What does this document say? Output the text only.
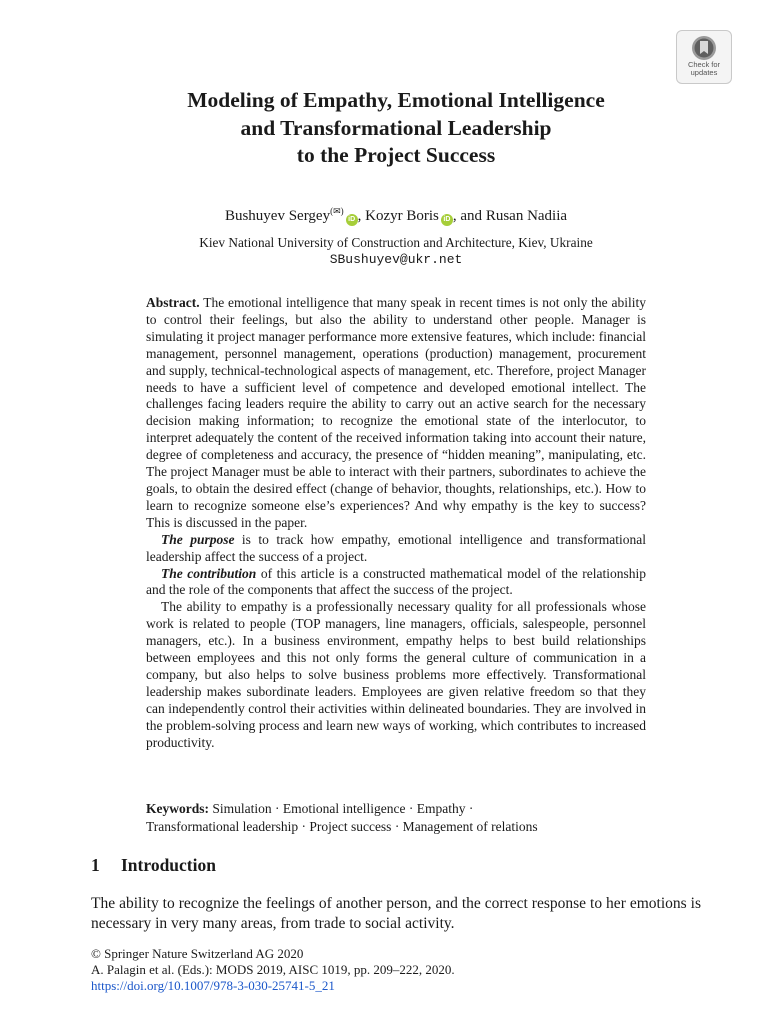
Check for
updates
Modeling of Empathy, Emotional Intelligence
and Transformational Leadership
to the Project Success
Bushuyev Sergey(✉)iD , Kozyr Boris iD , and Rusan Nadiia
Kiev National University of Construction and Architecture, Kiev, Ukraine
SBushuyev@ukr.net

Abstract. The emotional intelligence that many speak in recent times is not only the ability to control their feelings, but also the ability to understand other people. Manager is simulating it project manager performance more extensive features, which include: financial management, personnel management, operations (production) management, procurement and supply, technical-technological aspects of management, etc. Therefore, project Manager needs to have a sufficient level of competence and developed emotional intellect. The challenges facing leaders require the ability to carry out an active search for the necessary decision making information; to recognize the emotional state of the interlocutor, to interpret adequately the content of the received information taking into account their nature, degree of completeness and accuracy, the presence of “hidden meaning”, manipulating, etc. The project Manager must be able to interact with their partners, subordinates to achieve the goals, to obtain the desired effect (change of behavior, thoughts, relationships, etc.). How to learn to recognize someone else’s experiences? And why empathy is the key to success? This is discussed in the paper.

The purpose is to track how empathy, emotional intelligence and transformational leadership affect the success of a project.

The contribution of this article is a constructed mathematical model of the relationship and the role of the components that affect the success of the project.

The ability to empathy is a professionally necessary quality for all professionals whose work is related to people (TOP managers, line managers, officials, salespeople, personnel managers, etc.). In a business environment, empathy helps to best build relationships between employees and this not only forms the general culture of communication in a company, but also helps to solve business problems more effectively. Transformational leadership makes subordinate leaders. Employees are given relative freedom so that they can independently control their activities within delineated boundaries. They are involved in the problem-solving process and learn new ways of working, which contributes to increased productivity.

Keywords: Simulation · Emotional intelligence · Empathy ·
Transformational leadership · Project success · Management of relations
1 Introduction
The ability to recognize the feelings of another person, and the correct response to her emotions is necessary in very many areas, from trade to social activity.
© Springer Nature Switzerland AG 2020
A. Palagin et al. (Eds.): MODS 2019, AISC 1019, pp. 209–222, 2020.
https://doi.org/10.1007/978-3-030-25741-5_21
